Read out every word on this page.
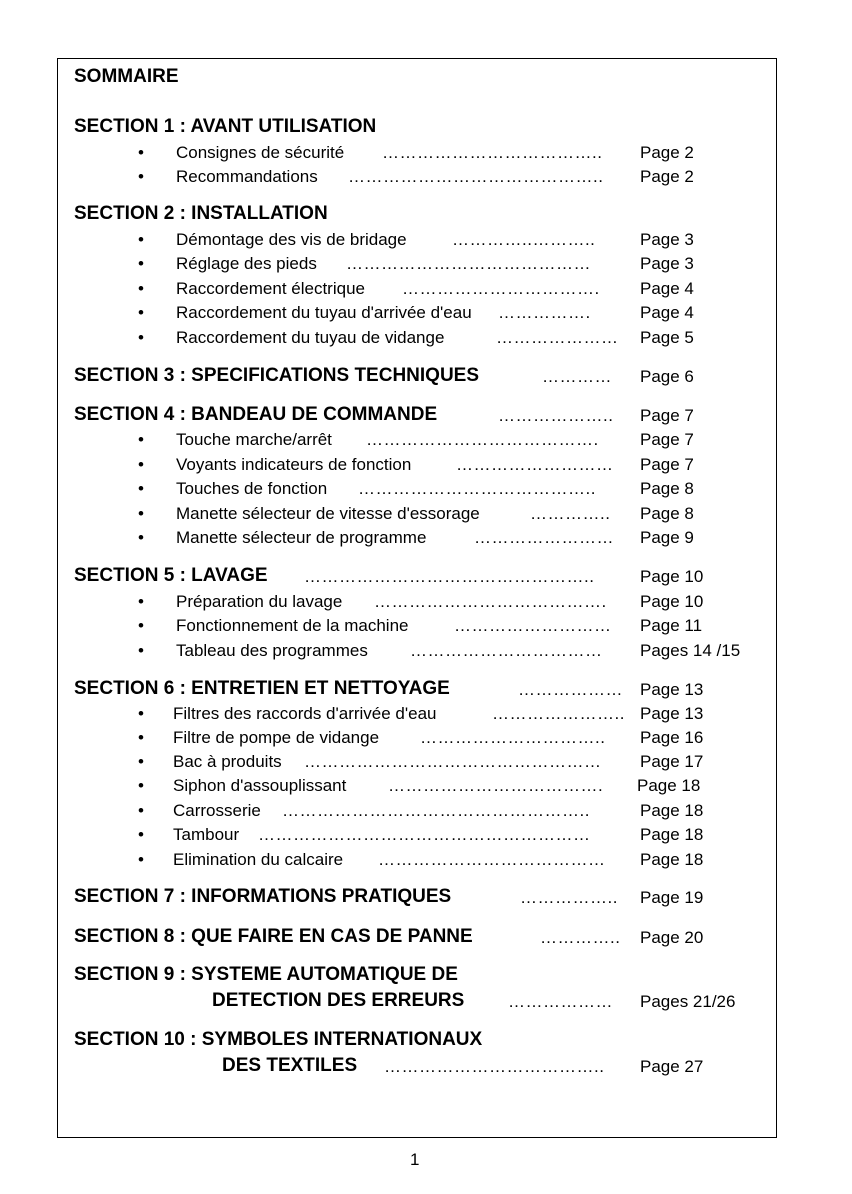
SOMMAIRE
SECTION 1 : AVANT UTILISATION
• Consignes de sécurité ……………………………….. Page 2
• Recommandations …………………………………….. Page 2
SECTION 2 : INSTALLATION
• Démontage des vis de bridage	…………..………..	Page 3
• Réglage des pieds ……………………………………	Page 3
• Raccordement électrique ……………………………. Page 4
• Raccordement du tuyau d'arrivée d'eau …………….	Page 4
• Raccordement du tuyau de vidange	………………… Page 5
SECTION 3 : SPECIFICATIONS TECHNIQUES	………… Page 6
SECTION 4 : BANDEAU DE COMMANDE	……………….. Page 7
• Touche marche/arrêt …………………………………. Page 7
• Voyants indicateurs de fonction	……………………… Page 7
• Touches de fonction …………………………………..	Page 8
• Manette sélecteur de vitesse d'essorage	………….. Page 8
• Manette sélecteur de programme	…………………… Page 9
SECTION 5 : LAVAGE …………………………………………..	Page 10
• Préparation du lavage …………………………………. Page 10
• Fonctionnement de la machine	……………………… Page 11
• Tableau des programmes …………………………… Pages 14 /15
SECTION 6 : ENTRETIEN ET NETTOYAGE	……………… Page 13
• Filtres des raccords d'arrivée d'eau	………………….. Page 13
• Filtre de pompe de vidange ………………………….. Page 16
• Bac à produits …………………………………………… Page 17
• Siphon d'assouplissant ………………………………. Page 18
• Carrosserie ……………………………………………..	Page 18
• Tambour …………………………………………………	Page 18
• Elimination du calcaire ………………………………… Page 18
SECTION 7 : INFORMATIONS PRATIQUES	…………….. Page 19
SECTION 8 : QUE FAIRE EN CAS DE PANNE	………….. Page 20
SECTION 9 : SYSTEME AUTOMATIQUE DE
DETECTION DES ERREURS	……………… Pages 21/26
SECTION 10 : SYMBOLES INTERNATIONAUX
DES TEXTILES ……………………………….. Page 27
1
